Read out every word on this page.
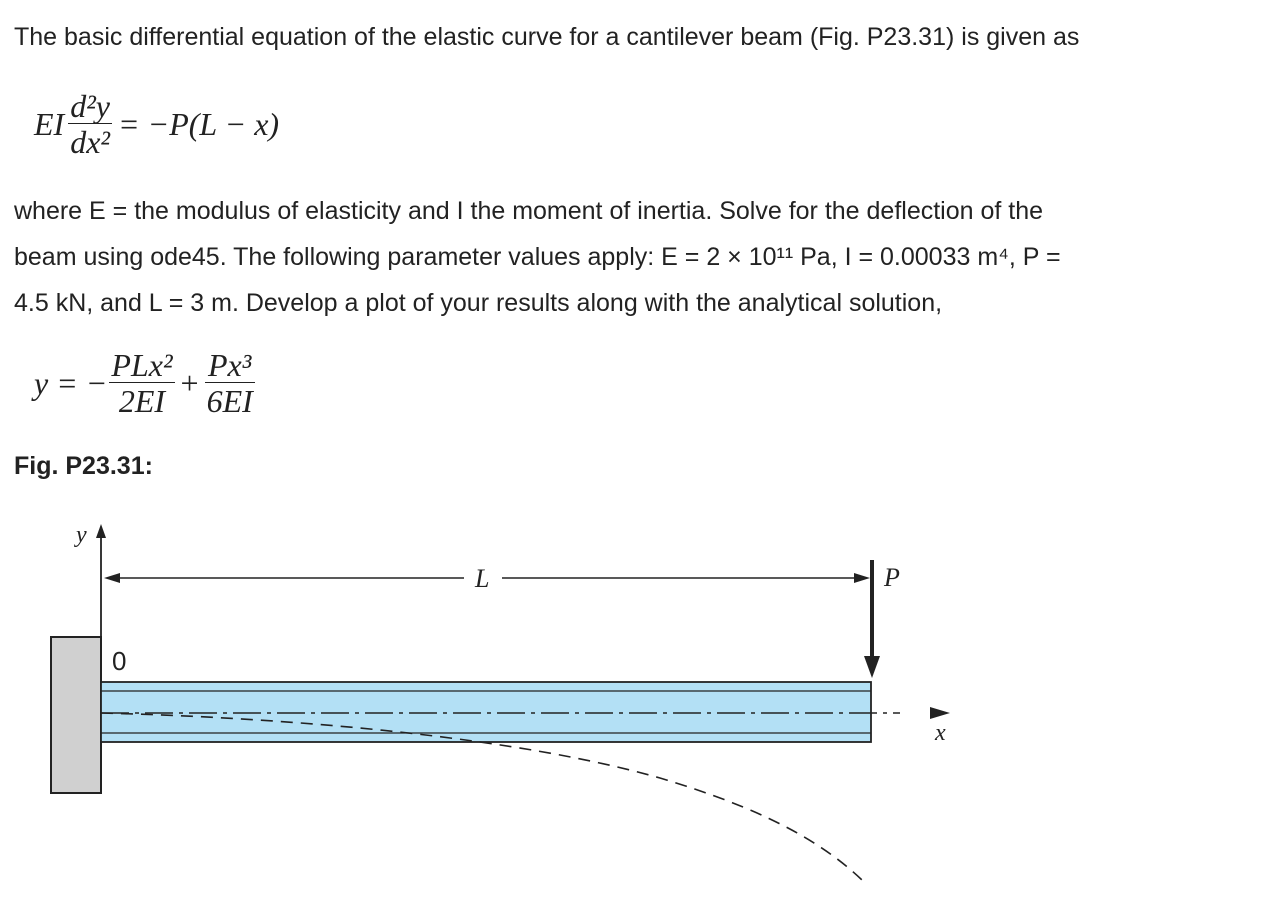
The basic differential equation of the elastic curve for a cantilever beam (Fig. P23.31) is given as

EI $\frac{\text{d²y}}{\text{dx²}} = -P(L - x)$
where E = the modulus of elasticity and I the moment of inertia. Solve for the deflection of the
beam using ode45. The following parameter values apply: E = 2 × 10¹¹ Pa, I = 0.00033 m⁴, P =
4.5 kN, and L = 3 m. Develop a plot of your results along with the analytical solution,
y = − $\frac{\text{PLx²}}{2EI} + \frac{\text{Px³}}{6EI}$

Fig. P23.31:

y
L	P
0
x
